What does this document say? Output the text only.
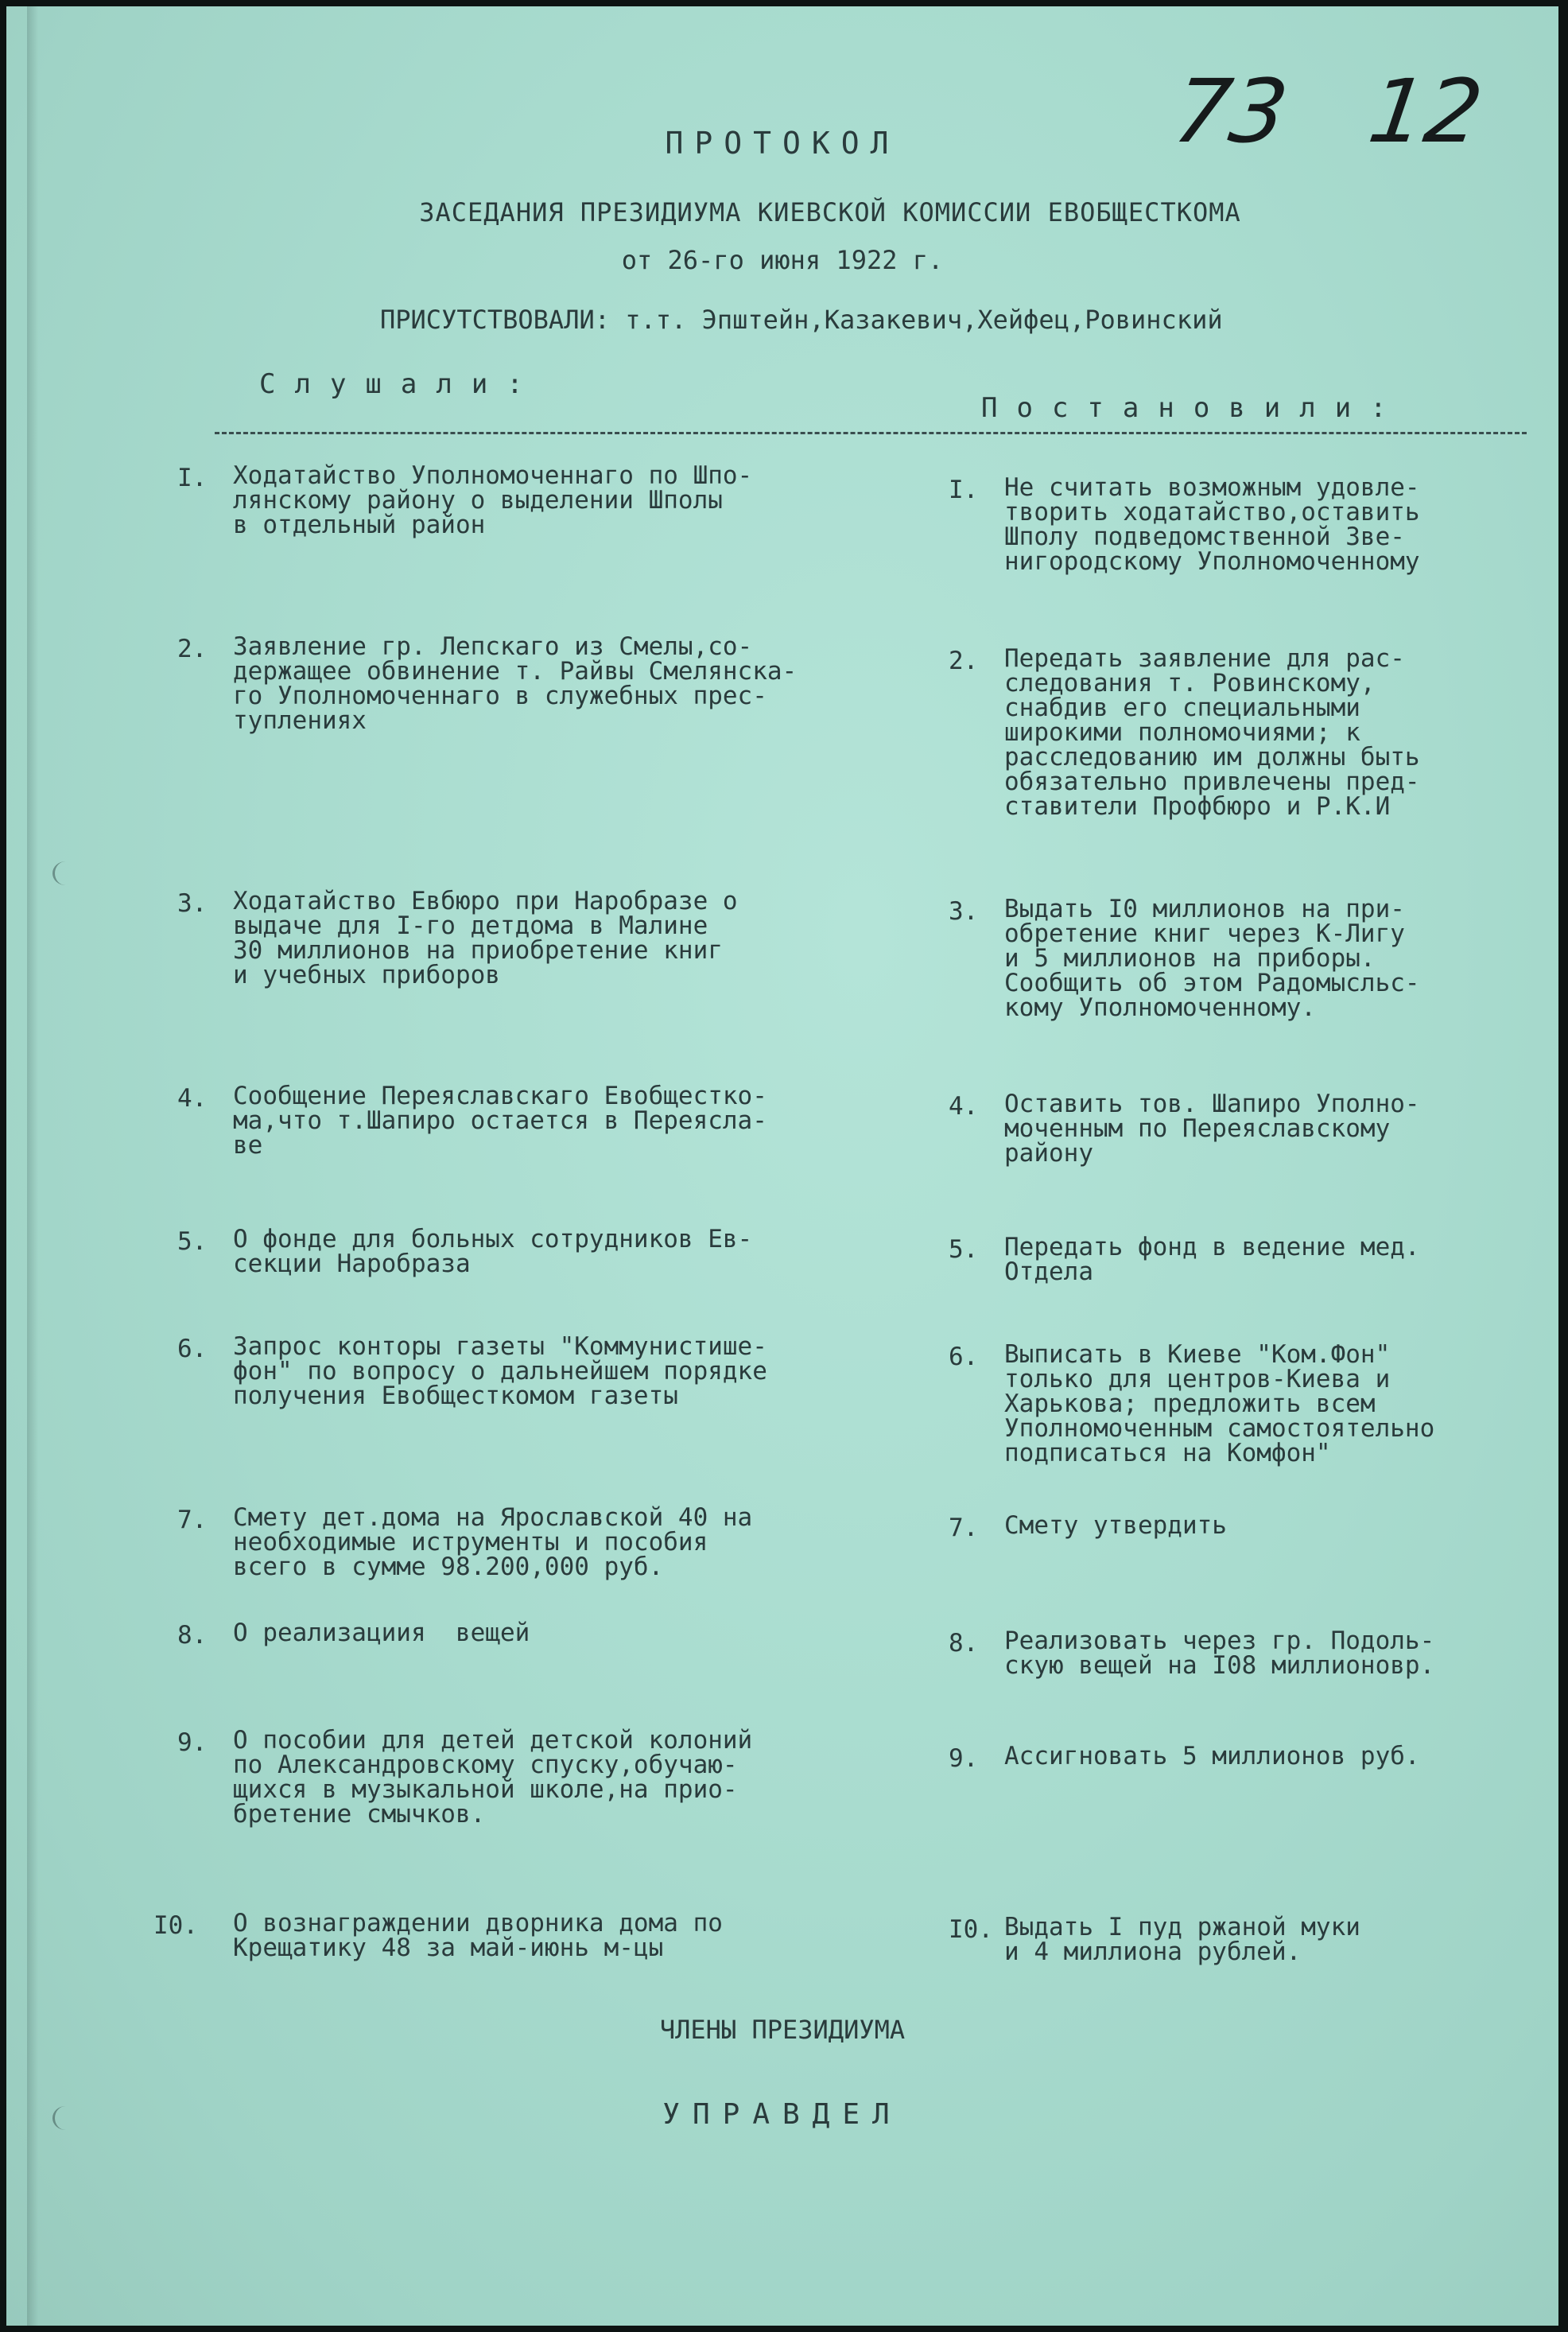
73 12
ПРОТОКОЛ
ЗАСЕДАНИЯ ПРЕЗИДИУМА КИЕВСКОЙ КОМИССИИ ЕВОБЩЕСТКОМА
от 26-го июня 1922 г.
ПРИСУТСТВОВАЛИ: т.т. Эпштейн,Казакевич,Хейфец,Ровинский
Слушали:
Постановили:
I. Ходатайство Уполномоченнаго по Шпо-
лянскому району о выделении Шполы
в отдельный район
I. Не считать возможным удовле-
творить ходатайство,оставить
Шполу подведомственной Зве-
нигородскому Уполномоченному
2. Заявление гр. Лепскаго из Смелы,со-
держащее обвинение т. Райвы Смелянска-
го Уполномоченнаго в служебных прес-
туплениях
2. Передать заявление для рас-
следования т. Ровинскому,
снабдив его специальными
широкими полномочиями; к
расследованию им должны быть
обязательно привлечены пред-
ставители Профбюро и Р.К.И
3. Ходатайство Евбюро при Наробразе о
выдаче для I-го детдома в Малине
30 миллионов на приобретение книг
и учебных приборов
3. Выдать I0 миллионов на при-
обретение книг через К-Лигу
и 5 миллионов на приборы.
Сообщить об этом Радомысльс-
кому Уполномоченному.
4. Сообщение Переяславскаго Евобщестко-
ма,что т.Шапиро остается в Переясла-
ве
4. Оставить тов. Шапиро Уполно-
моченным по Переяславскому
району
5. О фонде для больных сотрудников Ев-
секции Наробраза	5. Передать фонд в ведение мед.
Отдела
6. Запрос конторы газеты "Коммунистише-
фон" по вопросу о дальнейшем порядке
получения Евобщесткомом газеты
6. Выписать в Киеве "Ком.Фон"
только для центров-Киева и
Харькова; предложить всем
Уполномоченным самостоятельно
подписаться на Комфон"
7. Смету дет.дома на Ярославской 40 на
необходимые иструменты и пособия
всего в сумме 98.200,000 руб.
7. Смету утвердить
8. О реализациия  вещей	8. Реализовать через гр. Подоль-
скую вещей на I08 миллионовр.
9. О пособии для детей детской колоний
по Александровскому спуску,обучаю-
щихся в музыкальной школе,на прио-
бретение смычков.
9. Ассигновать 5 миллионов руб.
I0. О вознаграждении дворника дома по
Крещатику 48 за май-июнь м-цы
I0. Выдать I пуд ржаной муки
и 4 миллиона рублей.
ЧЛЕНЫ ПРЕЗИДИУМА
УПРАВДЕЛ
